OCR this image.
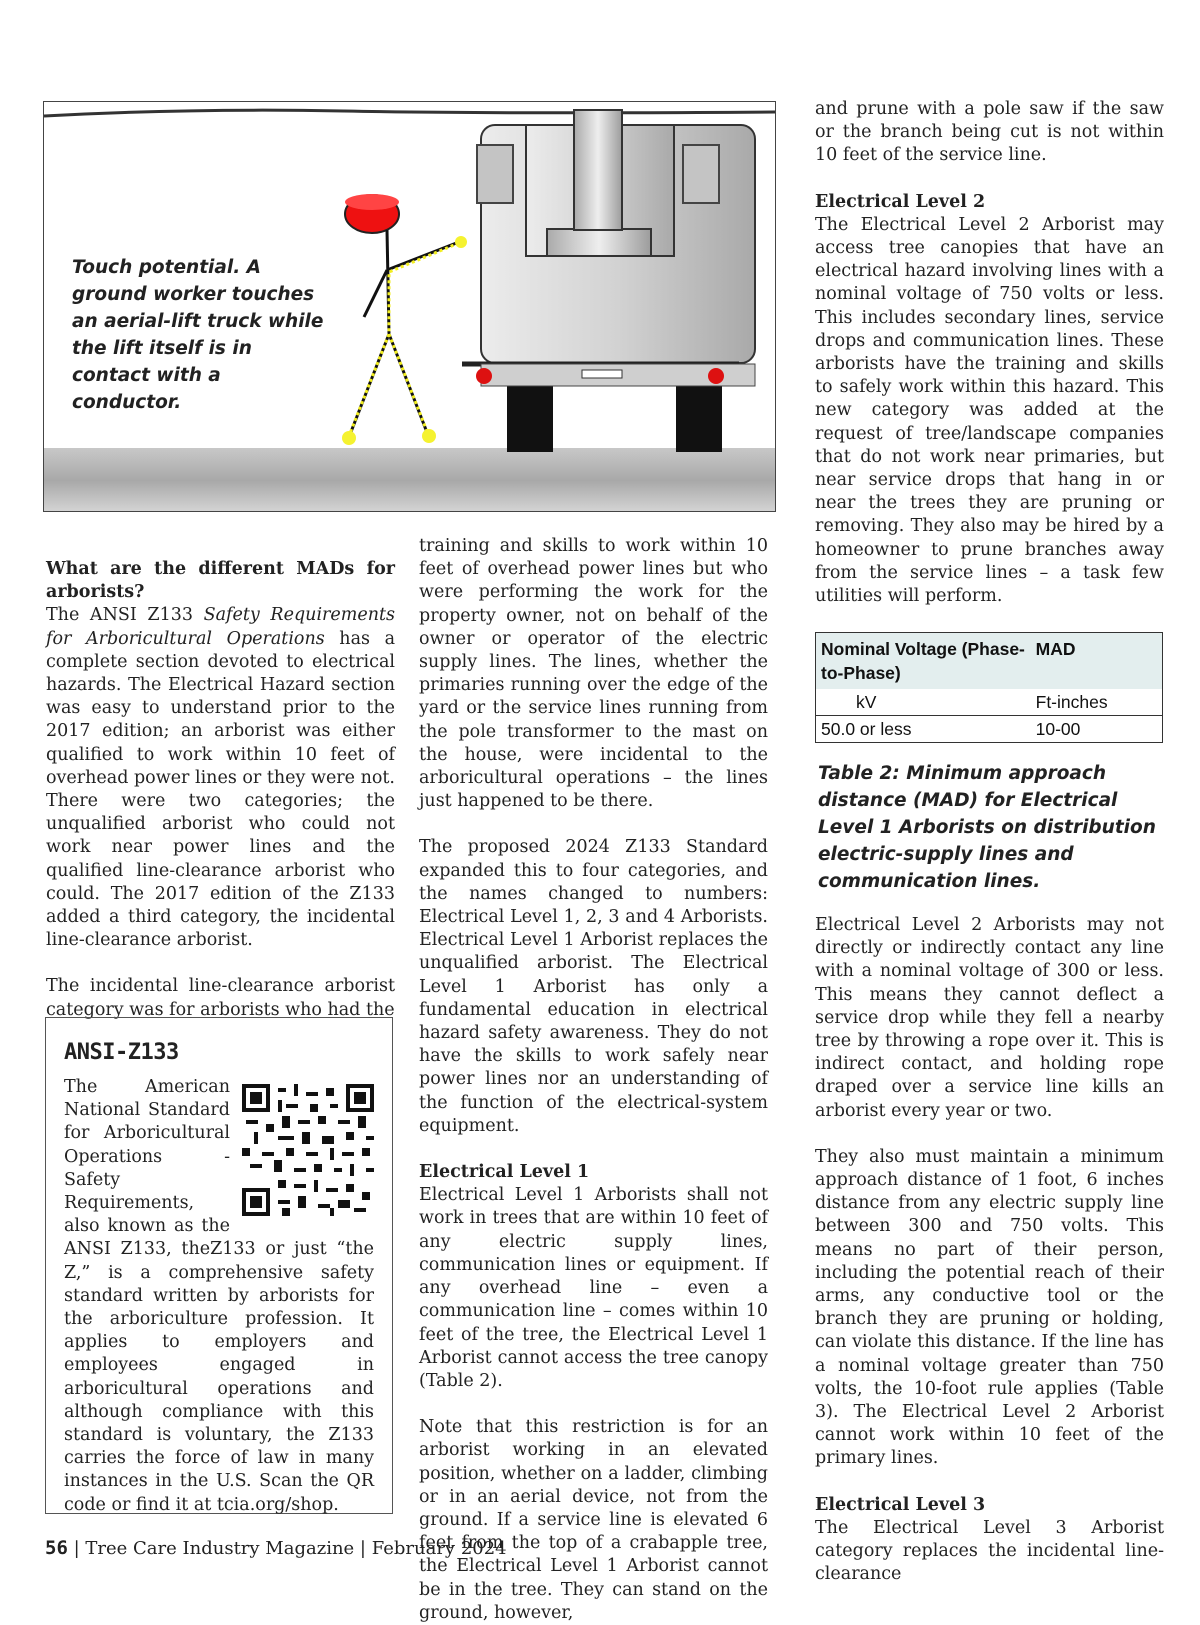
Touch potential. A ground worker touches an aerial-lift truck while the lift itself is in contact with a conductor.
What are the different MADs for arborists?

The ANSI Z133 Safety Requirements for Arboricultural Operations has a complete section devoted to electrical hazards. The Electrical Hazard section was easy to understand prior to the 2017 edition; an arborist was either qualified to work within 10 feet of overhead power lines or they were not. There were two categories; the unqualified arborist who could not work near power lines and the qualified line-clearance arborist who could. The 2017 edition of the Z133 added a third category, the incidental line-clearance arborist.

The incidental line-clearance arborist category was for arborists who had the

ANSI-Z133
The American National Standard for Arboricultural Operations - Safety Requirements, also known as the ANSI Z133, theZ133 or just “the Z,” is a comprehensive safety standard written by arborists for the arboriculture profession. It applies to employers and employees engaged in arboricultural operations and although compliance with this standard is voluntary, the Z133 carries the force of law in many instances in the U.S. Scan the QR code or find it at tcia.org/shop.

training and skills to work within 10 feet of overhead power lines but who were performing the work for the property owner, not on behalf of the owner or operator of the electric supply lines. The lines, whether the primaries running over the edge of the yard or the service lines running from the pole transformer to the mast on the house, were incidental to the arboricultural operations – the lines just happened to be there.

The proposed 2024 Z133 Standard expanded this to four categories, and the names changed to numbers: Electrical Level 1, 2, 3 and 4 Arborists. Electrical Level 1 Arborist replaces the unqualified arborist. The Electrical Level 1 Arborist has only a fundamental education in electrical hazard safety awareness. They do not have the skills to work safely near power lines nor an understanding of the function of the electrical-system equipment.

Electrical Level 1

Electrical Level 1 Arborists shall not work in trees that are within 10 feet of any electric supply lines, communication lines or equipment. If any overhead line – even a communication line – comes within 10 feet of the tree, the Electrical Level 1 Arborist cannot access the tree canopy (Table 2).

Note that this restriction is for an arborist working in an elevated position, whether on a ladder, climbing or in an aerial device, not from the ground. If a service line is elevated 6 feet from the top of a crabapple tree, the Electrical Level 1 Arborist cannot be in the tree. They can stand on the ground, however,

and prune with a pole saw if the saw or the branch being cut is not within 10 feet of the service line.

Electrical Level 2

The Electrical Level 2 Arborist may access tree canopies that have an electrical hazard involving lines with a nominal voltage of 750 volts or less. This includes secondary lines, service drops and communication lines. These arborists have the training and skills to safely work within this hazard. This new category was added at the request of tree/landscape companies that do not work near primaries, but near service drops that hang in or near the trees they are pruning or removing. They also may be hired by a homeowner to prune branches away from the service lines – a task few utilities will perform.

Nominal Voltage (Phase-to-Phase)	MAD
kV	Ft-inches
50.0 or less	10-00
Table 2: Minimum approach distance (MAD) for Electrical Level 1 Arborists on distribution electric-supply lines and communication lines.

Electrical Level 2 Arborists may not directly or indirectly contact any line with a nominal voltage of 300 or less. This means they cannot deflect a service drop while they fell a nearby tree by throwing a rope over it. This is indirect contact, and holding rope draped over a service line kills an arborist every year or two.

They also must maintain a minimum approach distance of 1 foot, 6 inches distance from any electric supply line between 300 and 750 volts. This means no part of their person, including the potential reach of their arms, any conductive tool or the branch they are pruning or holding, can violate this distance. If the line has a nominal voltage greater than 750 volts, the 10-foot rule applies (Table 3). The Electrical Level 2 Arborist cannot work within 10 feet of the primary lines.

Electrical Level 3

The Electrical Level 3 Arborist category replaces the incidental line-clearance

56 | Tree Care Industry Magazine | February 2024
